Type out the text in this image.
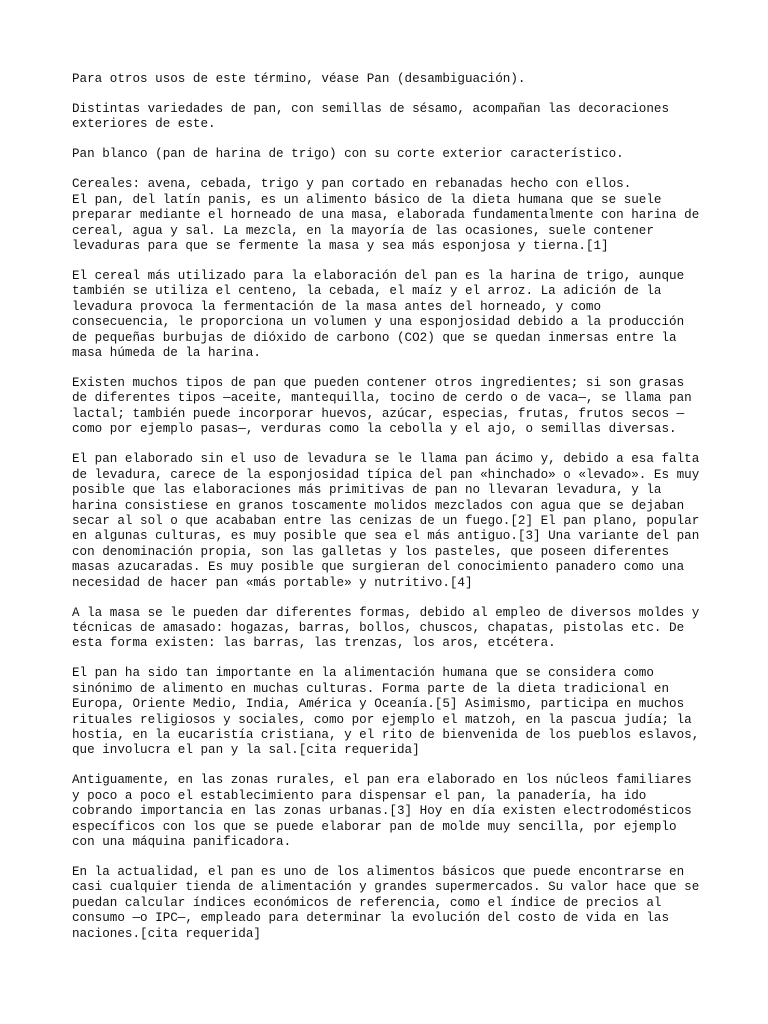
Para otros usos de este término, véase Pan (desambiguación).

Distintas variedades de pan, con semillas de sésamo, acompañan las decoraciones
exteriores de este.

Pan blanco (pan de harina de trigo) con su corte exterior característico.

Cereales: avena, cebada, trigo y pan cortado en rebanadas hecho con ellos.
El pan, del latín panis, es un alimento básico de la dieta humana que se suele
preparar mediante el horneado de una masa, elaborada fundamentalmente con harina de
cereal, agua y sal. La mezcla, en la mayoría de las ocasiones, suele contener
levaduras para que se fermente la masa y sea más esponjosa y tierna.[1]

El cereal más utilizado para la elaboración del pan es la harina de trigo, aunque
también se utiliza el centeno, la cebada, el maíz y el arroz. La adición de la
levadura provoca la fermentación de la masa antes del horneado, y como
consecuencia, le proporciona un volumen y una esponjosidad debido a la producción
de pequeñas burbujas de dióxido de carbono (CO2) que se quedan inmersas entre la
masa húmeda de la harina.

Existen muchos tipos de pan que pueden contener otros ingredientes; si son grasas
de diferentes tipos —aceite, mantequilla, tocino de cerdo o de vaca—, se llama pan
lactal; también puede incorporar huevos, azúcar, especias, frutas, frutos secos —
como por ejemplo pasas—, verduras como la cebolla y el ajo, o semillas diversas.

El pan elaborado sin el uso de levadura se le llama pan ácimo y, debido a esa falta
de levadura, carece de la esponjosidad típica del pan «hinchado» o «levado». Es muy
posible que las elaboraciones más primitivas de pan no llevaran levadura, y la
harina consistiese en granos toscamente molidos mezclados con agua que se dejaban
secar al sol o que acababan entre las cenizas de un fuego.[2] El pan plano, popular
en algunas culturas, es muy posible que sea el más antiguo.[3] Una variante del pan
con denominación propia, son las galletas y los pasteles, que poseen diferentes
masas azucaradas. Es muy posible que surgieran del conocimiento panadero como una
necesidad de hacer pan «más portable» y nutritivo.[4]

A la masa se le pueden dar diferentes formas, debido al empleo de diversos moldes y
técnicas de amasado: hogazas, barras, bollos, chuscos, chapatas, pistolas etc. De
esta forma existen: las barras, las trenzas, los aros, etcétera.

El pan ha sido tan importante en la alimentación humana que se considera como
sinónimo de alimento en muchas culturas. Forma parte de la dieta tradicional en
Europa, Oriente Medio, India, América y Oceanía.[5] Asimismo, participa en muchos
rituales religiosos y sociales, como por ejemplo el matzoh, en la pascua judía; la
hostia, en la eucaristía cristiana, y el rito de bienvenida de los pueblos eslavos,
que involucra el pan y la sal.[cita requerida]

Antiguamente, en las zonas rurales, el pan era elaborado en los núcleos familiares
y poco a poco el establecimiento para dispensar el pan, la panadería, ha ido
cobrando importancia en las zonas urbanas.[3] Hoy en día existen electrodomésticos
específicos con los que se puede elaborar pan de molde muy sencilla, por ejemplo
con una máquina panificadora.

En la actualidad, el pan es uno de los alimentos básicos que puede encontrarse en
casi cualquier tienda de alimentación y grandes supermercados. Su valor hace que se
puedan calcular índices económicos de referencia, como el índice de precios al
consumo —o IPC—, empleado para determinar la evolución del costo de vida en las
naciones.[cita requerida]
